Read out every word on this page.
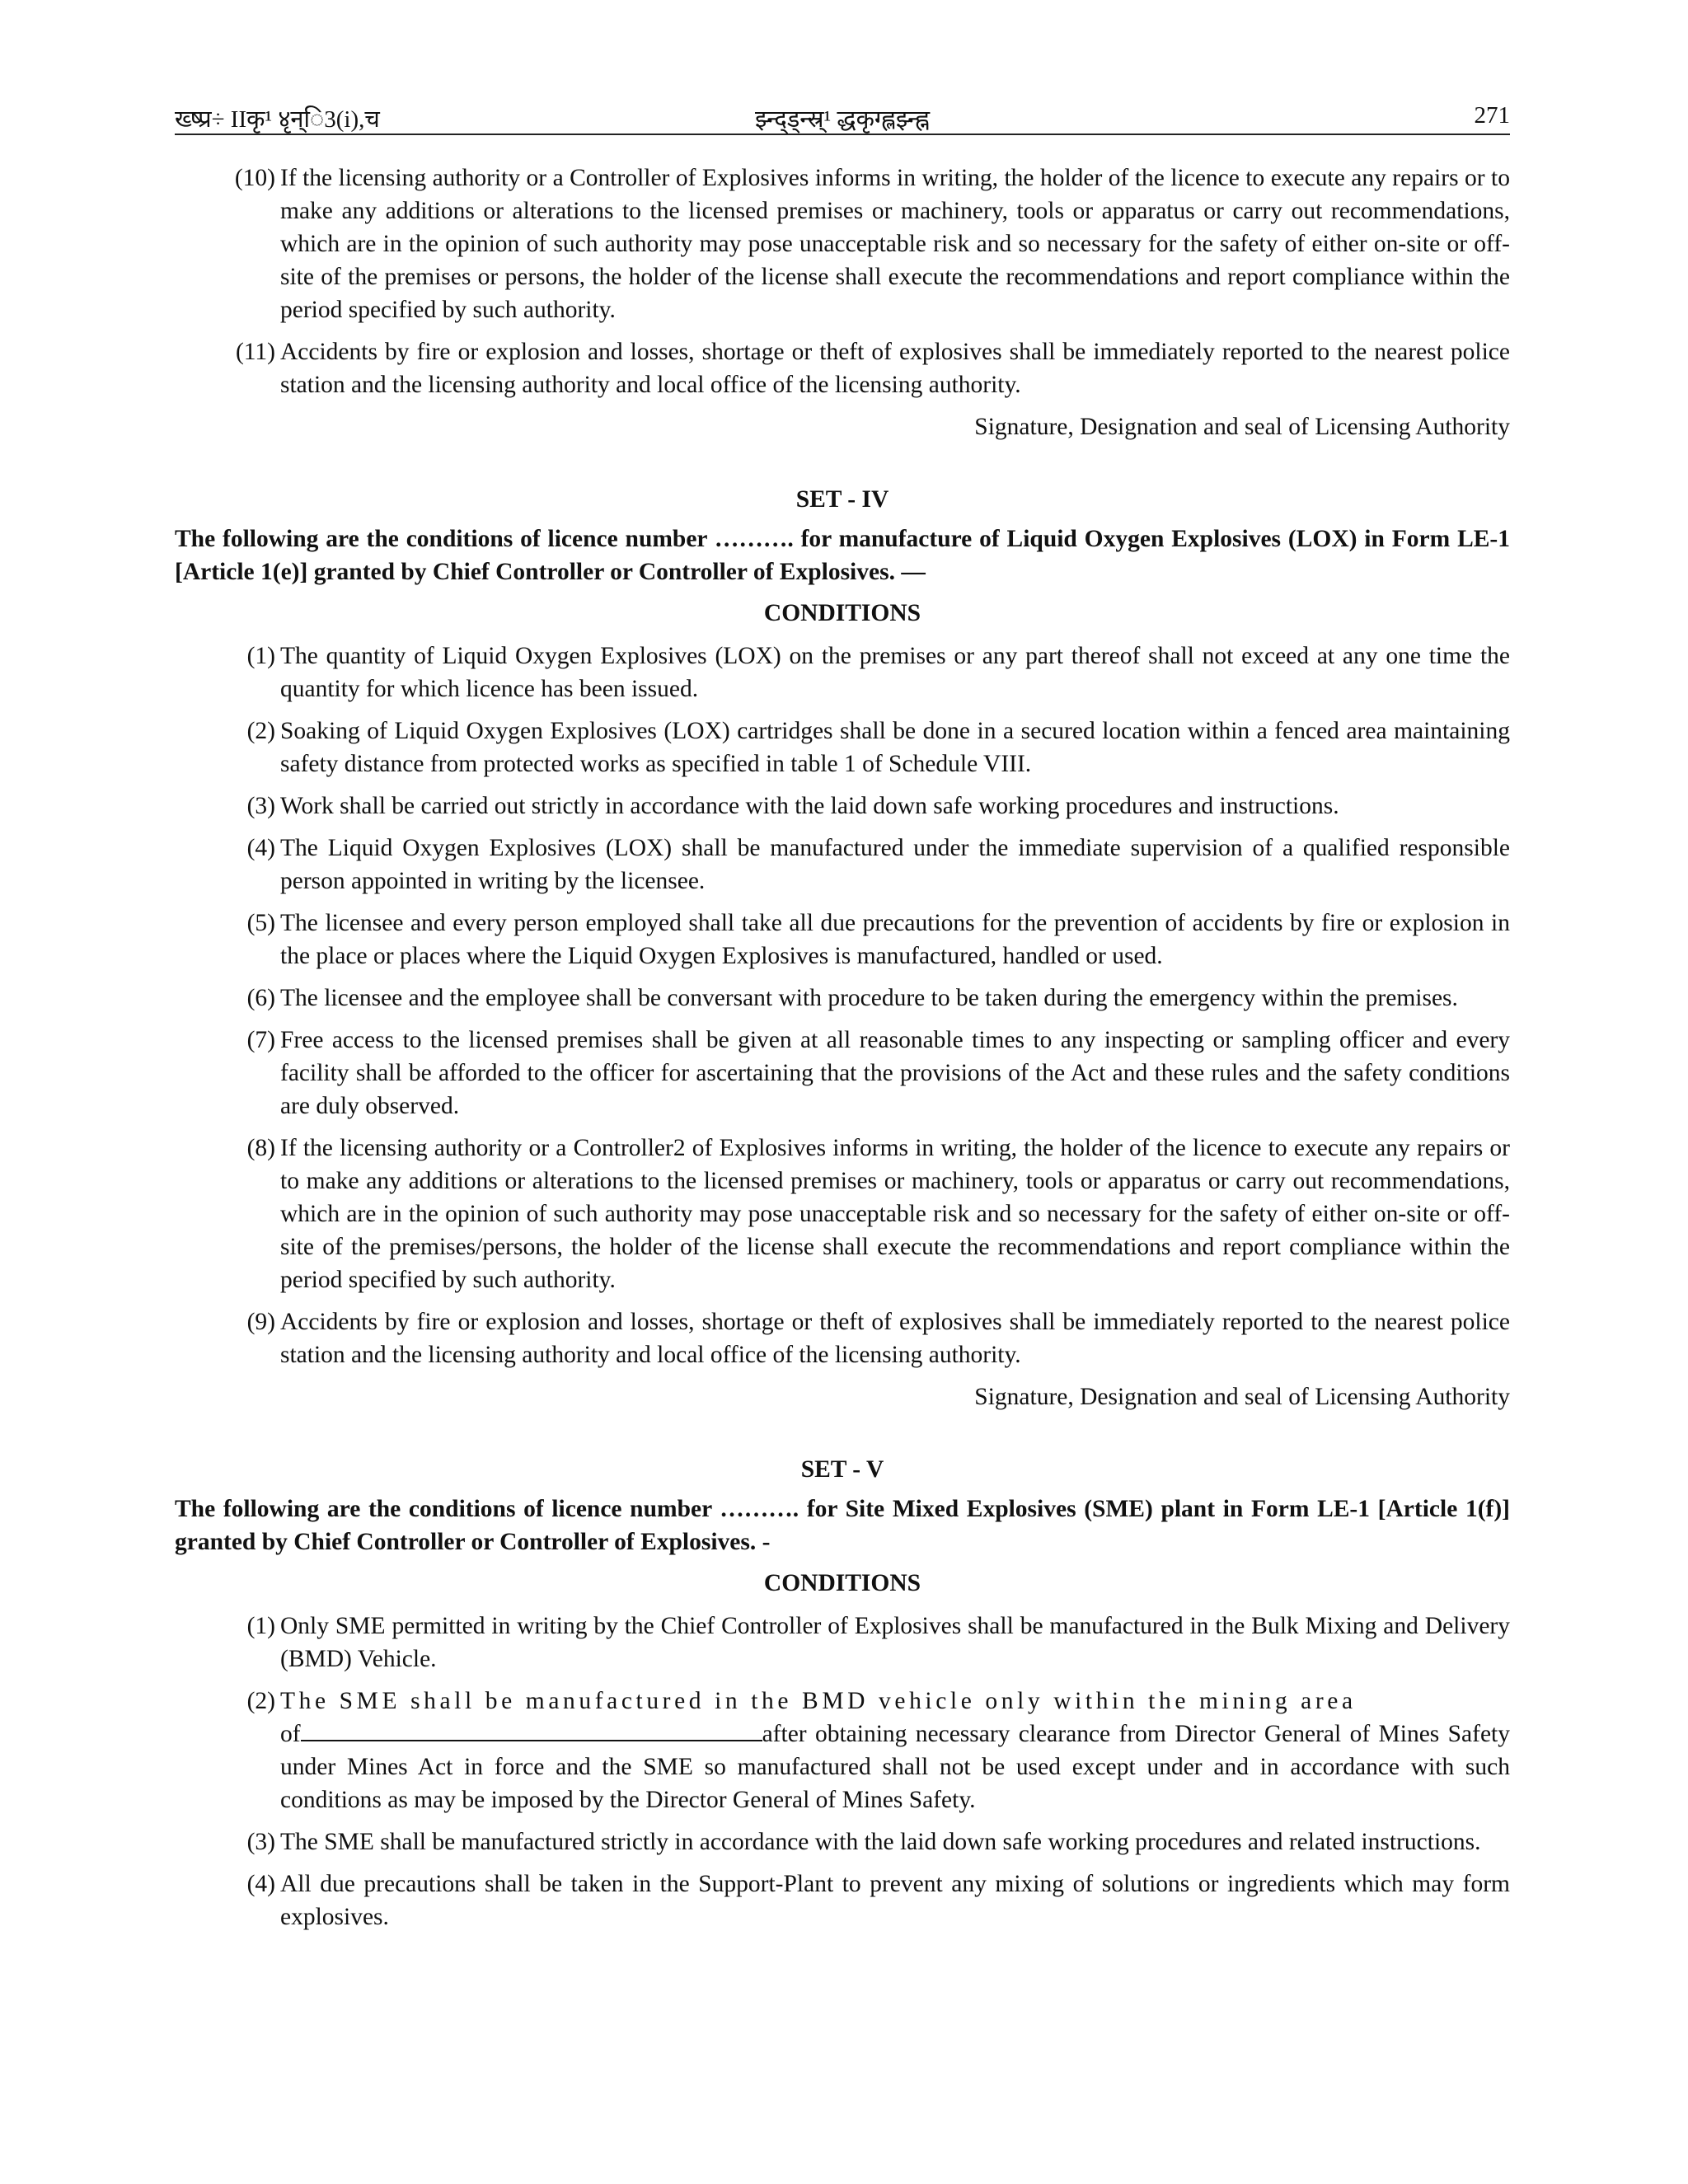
ख्ष्प्र÷ IIकृ¹ ४ृन्ि3(i),च	झ्न्द्ड्न्स्र्¹ द्धकृग्ह्लझ्न्ह्न	271
(10) If the licensing authority or a Controller of Explosives informs in writing, the holder of the licence to execute any repairs or to make any additions or alterations to the licensed premises or machinery, tools or apparatus or carry out recommendations, which are in the opinion of such authority may pose unacceptable risk and so necessary for the safety of either on-site or off-site of the premises or persons, the holder of the license shall execute the recommendations and report compliance within the period specified by such authority.
(11) Accidents by fire or explosion and losses, shortage or theft of explosives shall be immediately reported to the nearest police station and the licensing authority and local office of the licensing authority.
Signature, Designation and seal of Licensing Authority
SET - IV
The following are the conditions of licence number ………. for manufacture of Liquid Oxygen Explosives (LOX) in Form LE-1 [Article 1(e)] granted by Chief Controller or Controller of Explosives. —
CONDITIONS
(1) The quantity of Liquid Oxygen Explosives (LOX) on the premises or any part thereof shall not exceed at any one time the quantity for which licence has been issued.
(2) Soaking of Liquid Oxygen Explosives (LOX) cartridges shall be done in a secured location within a fenced area maintaining safety distance from protected works as specified in table 1 of Schedule VIII.
(3) Work shall be carried out strictly in accordance with the laid down safe working procedures and instructions.
(4) The Liquid Oxygen Explosives (LOX) shall be manufactured under the immediate supervision of a qualified responsible person appointed in writing by the licensee.
(5) The licensee and every person employed shall take all due precautions for the prevention of accidents by fire or explosion in the place or places where the Liquid Oxygen Explosives is manufactured, handled or used.
(6) The licensee and the employee shall be conversant with procedure to be taken during the emergency within the premises.
(7) Free access to the licensed premises shall be given at all reasonable times to any inspecting or sampling officer and every facility shall be afforded to the officer for ascertaining that the provisions of the Act and these rules and the safety conditions are duly observed.
(8) If the licensing authority or a Controller2 of Explosives informs in writing, the holder of the licence to execute any repairs or to make any additions or alterations to the licensed premises or machinery, tools or apparatus or carry out recommendations, which are in the opinion of such authority may pose unacceptable risk and so necessary for the safety of either on-site or off-site of the premises/persons, the holder of the license shall execute the recommendations and report compliance within the period specified by such authority.
(9) Accidents by fire or explosion and losses, shortage or theft of explosives shall be immediately reported to the nearest police station and the licensing authority and local office of the licensing authority.
Signature, Designation and seal of Licensing Authority
SET - V
The following are the conditions of licence number ………. for Site Mixed Explosives (SME) plant in Form LE-1 [Article 1(f)] granted by Chief Controller or Controller of Explosives. -
CONDITIONS
(1) Only SME permitted in writing by the Chief Controller of Explosives shall be manufactured in the Bulk Mixing and Delivery (BMD) Vehicle.
(2) The SME shall be manufactured in the BMD vehicle only within the mining area
of	after obtaining necessary clearance from Director General of Mines Safety under Mines Act in force and the SME so manufactured shall not be used except under and in accordance with such conditions as may be imposed by the Director General of Mines Safety.
(3) The SME shall be manufactured strictly in accordance with the laid down safe working procedures and related instructions.
(4) All due precautions shall be taken in the Support-Plant to prevent any mixing of solutions or ingredients which may form explosives.
